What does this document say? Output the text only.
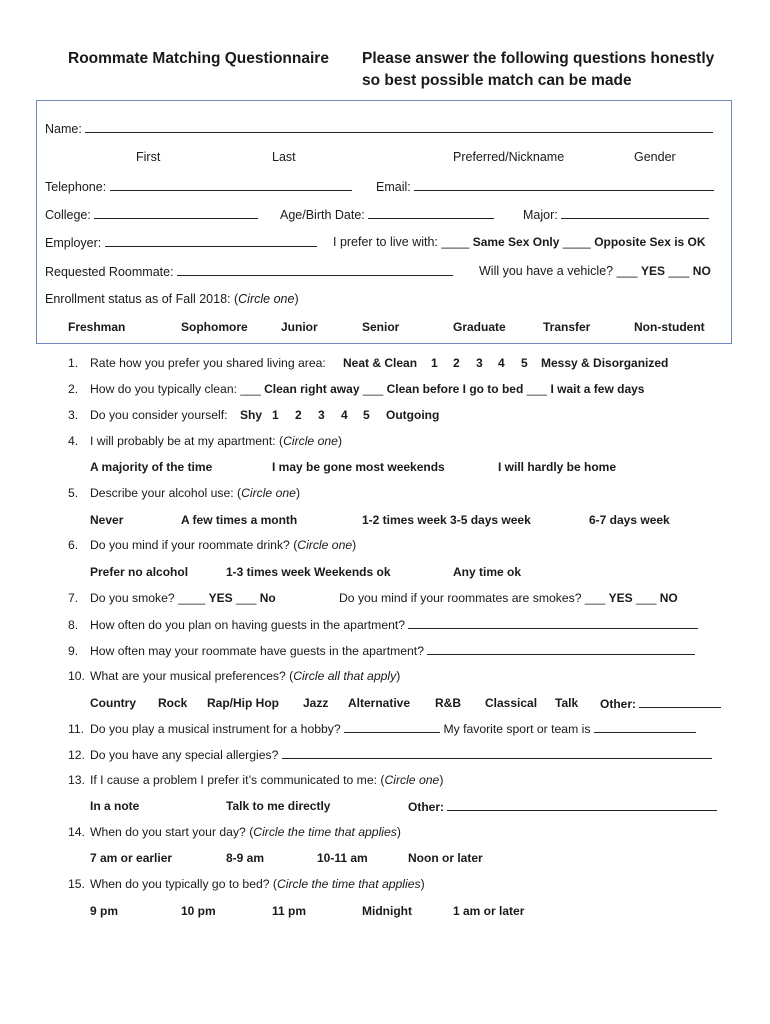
Roommate Matching Questionnaire Please answer the following questions honestly
so best possible match can be made
Name:
First	Last	Preferred/Nickname	Gender
Telephone:	Email:
College:	Age/Birth Date:	Major:
Employer:	I prefer to live with: ____ Same Sex Only ____ Opposite Sex is OK
Requested Roommate:	Will you have a vehicle? ___ YES ___ NO
Enrollment status as of Fall 2018: (Circle one)
Freshman	Sophomore	Junior	Senior	Graduate	Transfer	Non-student
1. Rate how you prefer you shared living area: Neat & Clean 1 2 3 4 5 Messy & Disorganized
2. How do you typically clean: ___ Clean right away ___ Clean before I go to bed ___ I wait a few days
3. Do you consider yourself: Shy 1 2 3 4 5 Outgoing
4. I will probably be at my apartment: (Circle one)
A majority of the time	I may be gone most weekends	I will hardly be home
5. Describe your alcohol use: (Circle one)
Never	A few times a month	1-2 times week 3-5 days week	6-7 days week
6. Do you mind if your roommate drink? (Circle one)
Prefer no alcohol	1-3 times week Weekends ok	Any time ok
7. Do you smoke? ____ YES ___ No	Do you mind if your roommates are smokes? ___ YES ___ NO
8. How often do you plan on having guests in the apartment?
9. How often may your roommate have guests in the apartment?
10. What are your musical preferences? (Circle all that apply)
Country Rock Rap/Hip Hop Jazz Alternative R&B Classical Talk Other:
11. Do you play a musical instrument for a hobby?	My favorite sport or team is
12. Do you have any special allergies?
13. If I cause a problem I prefer it’s communicated to me: (Circle one)
In a note	Talk to me directly	Other:
14. When do you start your day? (Circle the time that applies)
7 am or earlier	8-9 am	10-11 am	Noon or later
15. When do you typically go to bed? (Circle the time that applies)
9 pm	10 pm	11 pm	Midnight	1 am or later
